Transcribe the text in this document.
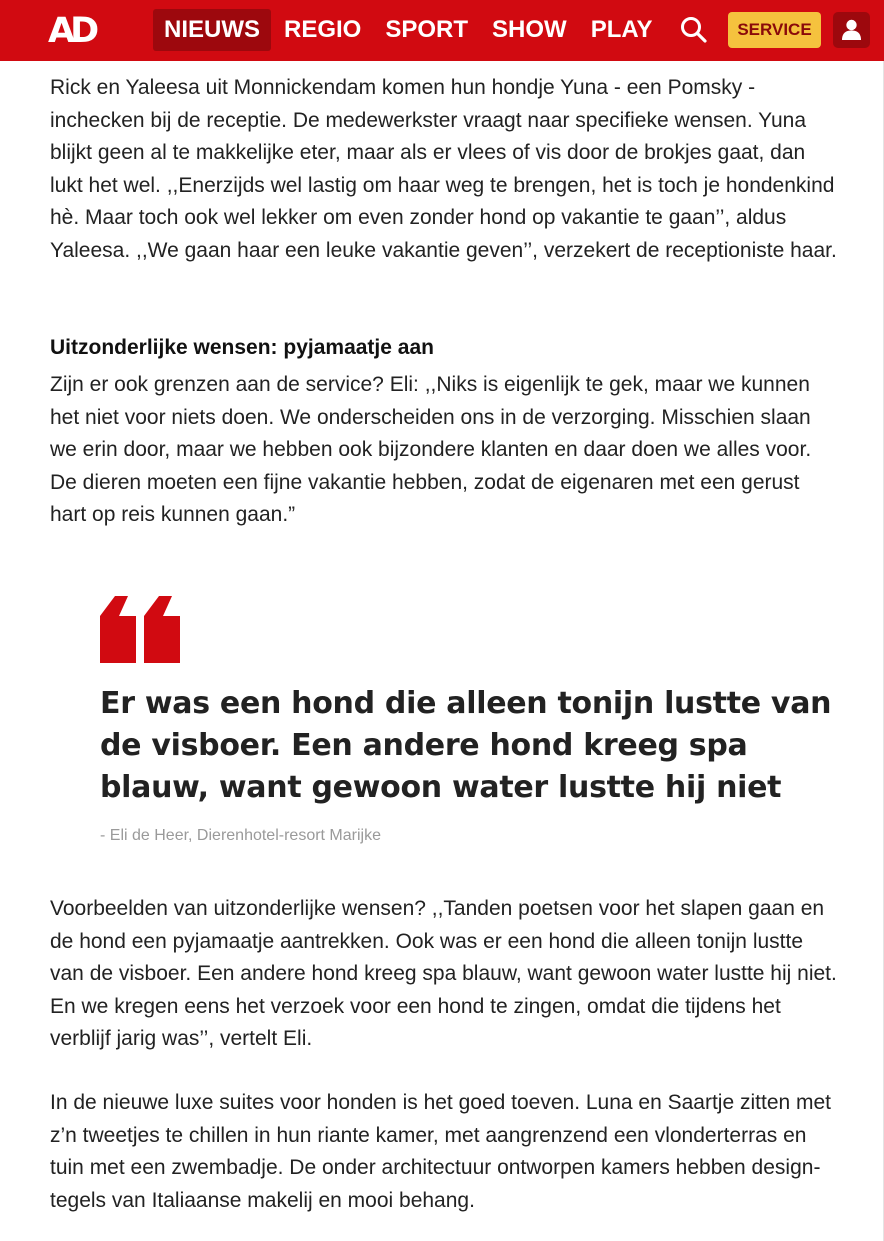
AD	NIEUWS	REGIO	SPORT	SHOW	PLAY	SERVICE

Rick en Yaleesa uit Monnickendam komen hun hondje Yuna - een Pomsky - inchecken bij de receptie. De medewerkster vraagt naar specifieke wensen. Yuna blijkt geen al te makkelijke eter, maar als er vlees of vis door de brokjes gaat, dan lukt het wel. ,,Enerzijds wel lastig om haar weg te brengen, het is toch je hondenkind hè. Maar toch ook wel lekker om even zonder hond op vakantie te gaan’’, aldus Yaleesa. ,,We gaan haar een leuke vakantie geven’’, verzekert de receptioniste haar.

Uitzonderlijke wensen: pyjamaatje aan

Zijn er ook grenzen aan de service? Eli: ,,Niks is eigenlijk te gek, maar we kunnen het niet voor niets doen. We onderscheiden ons in de verzorging. Misschien slaan we erin door, maar we hebben ook bijzondere klanten en daar doen we alles voor. De dieren moeten een fijne vakantie hebben, zodat de eigenaren met een gerust hart op reis kunnen gaan.”

Er was een hond die alleen tonijn lustte van de visboer. Een andere hond kreeg spa blauw, want gewoon water lustte hij niet
- Eli de Heer, Dierenhotel-resort Marijke

Voorbeelden van uitzonderlijke wensen? ,,Tanden poetsen voor het slapen gaan en de hond een pyjamaatje aantrekken. Ook was er een hond die alleen tonijn lustte van de visboer. Een andere hond kreeg spa blauw, want gewoon water lustte hij niet. En we kregen eens het verzoek voor een hond te zingen, omdat die tijdens het verblijf jarig was’’, vertelt Eli.

In de nieuwe luxe suites voor honden is het goed toeven. Luna en Saartje zitten met z’n tweetjes te chillen in hun riante kamer, met aangrenzend een vlonderterras en tuin met een zwembadje. De onder architectuur ontworpen kamers hebben design-tegels van Italiaanse makelij en mooi behang.
